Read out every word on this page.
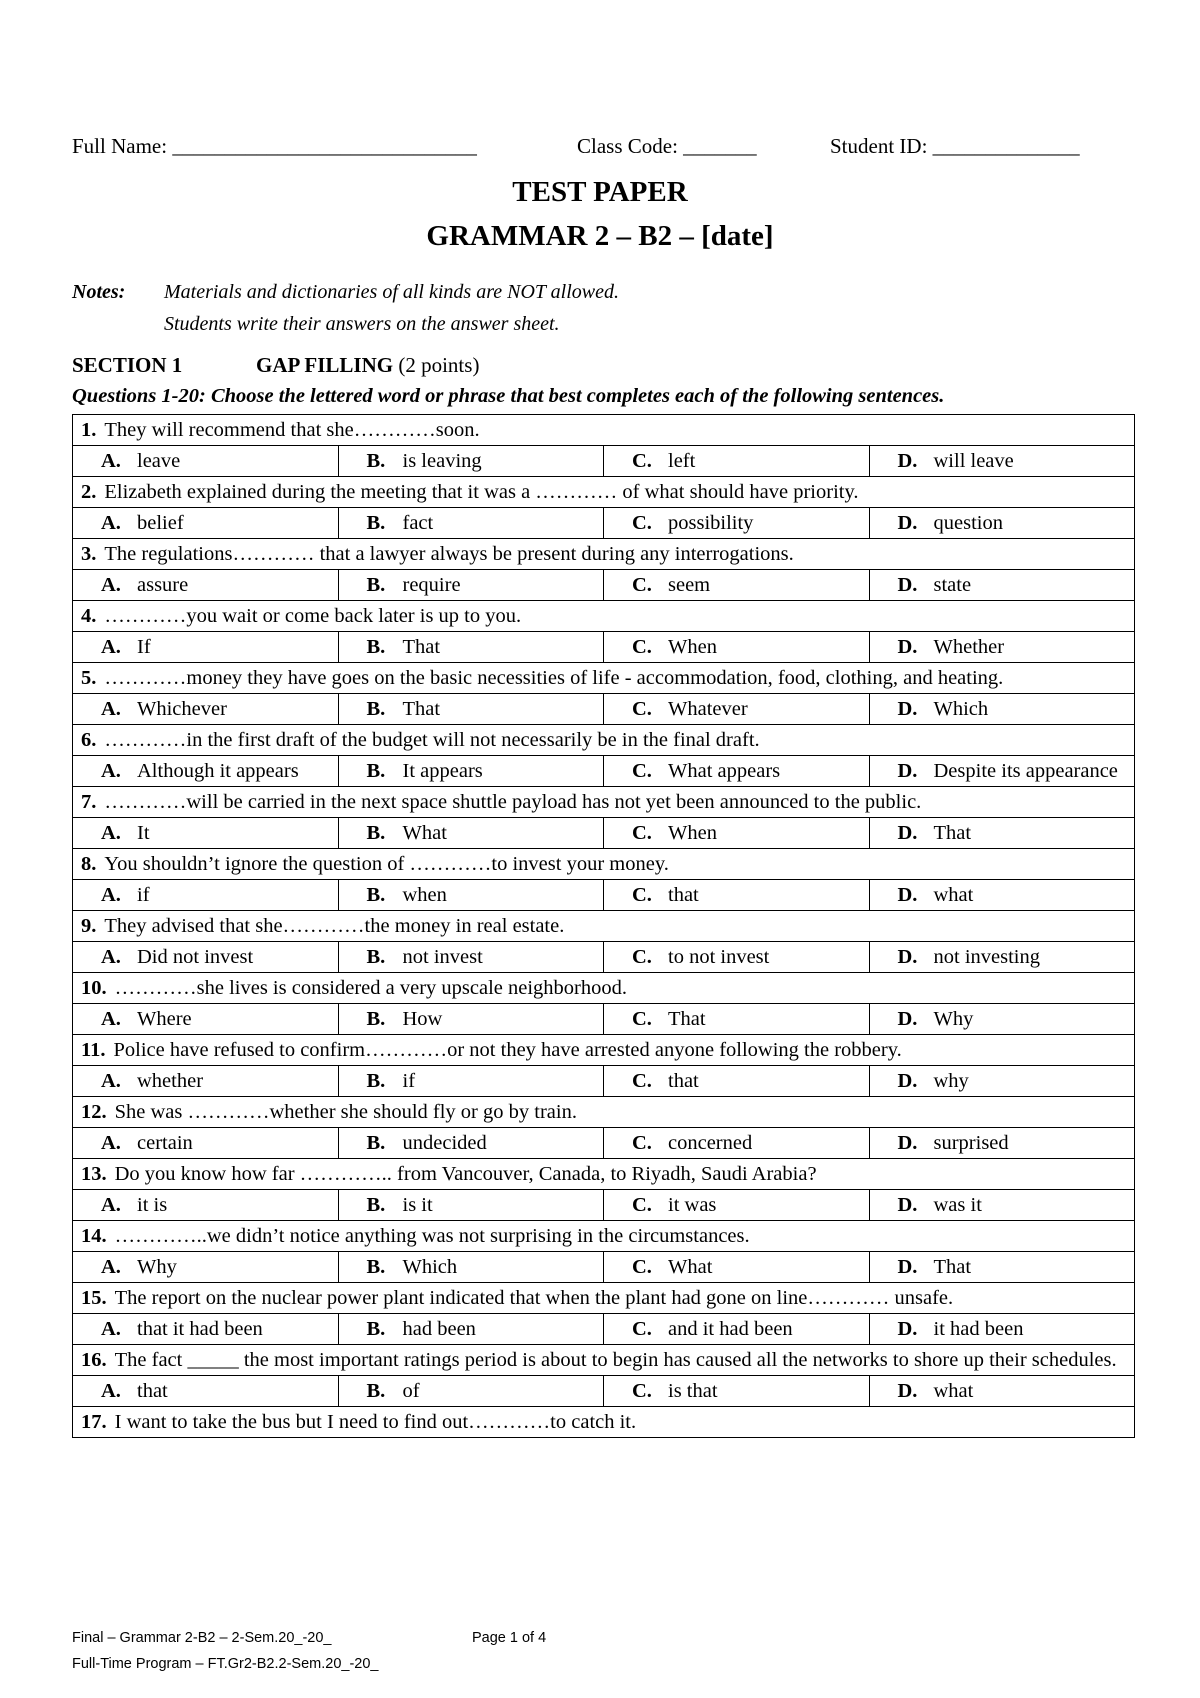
Full Name: _____________________________	Class Code: _______	Student ID: ______________
TEST PAPER
GRAMMAR 2 – B2 – [date]
Notes: Materials and dictionaries of all kinds are NOT allowed.
Students write their answers on the answer sheet.
SECTION 1	GAP FILLING (2 points)
Questions 1-20: Choose the lettered word or phrase that best completes each of the following sentences.
1. They will recommend that she…………soon.			

A. leave	B. is leaving	C. left	D. will leave

2. Elizabeth explained during the meeting that it was a ………… of what should have priority.			

A. belief	B. fact	C. possibility	D. question

3. The regulations………… that a lawyer always be present during any interrogations.			

A. assure	B. require	C. seem	D. state

4. …………you wait or come back later is up to you.			

A. If	B. That	C. When	D. Whether

5. …………money they have goes on the basic necessities of life - accommodation, food, clothing, and heating.			

A. Whichever	B. That	C. Whatever	D. Which

6. …………in the first draft of the budget will not necessarily be in the final draft.			

A. Although it appears	B. It appears	C. What appears	D. Despite its appearance

7. …………will be carried in the next space shuttle payload has not yet been announced to the public.			

A. It	B. What	C. When	D. That

8. You shouldn’t ignore the question of …………to invest your money.			

A. if	B. when	C. that	D. what

9. They advised that she…………the money in real estate.			

A. Did not invest	B. not invest	C. to not invest	D. not investing

10. …………she lives is considered a very upscale neighborhood.			

A. Where	B. How	C. That	D. Why

11. Police have refused to confirm…………or not they have arrested anyone following the robbery.			

A. whether	B. if	C. that	D. why

12. She was …………whether she should fly or go by train.			

A. certain	B. undecided	C. concerned	D. surprised

13. Do you know how far ………….. from Vancouver, Canada, to Riyadh, Saudi Arabia?			

A. it is	B. is it	C. it was	D. was it

14. …………..we didn’t notice anything was not surprising in the circumstances.			

A. Why	B. Which	C. What	D. That

15. The report on the nuclear power plant indicated that when the plant had gone on line………… unsafe.			

A. that it had been	B. had been	C. and it had been	D. it had been

16. The fact _____ the most important ratings period is about to begin has caused all the networks to shore up their schedules.			

A. that	B. of	C. is that	D. what

17. I want to take the bus but I need to find out…………to catch it.			
Final – Grammar 2-B2 – 2-Sem.20_-20_	Page 1 of 4
Full-Time Program – FT.Gr2-B2.2-Sem.20_-20_
